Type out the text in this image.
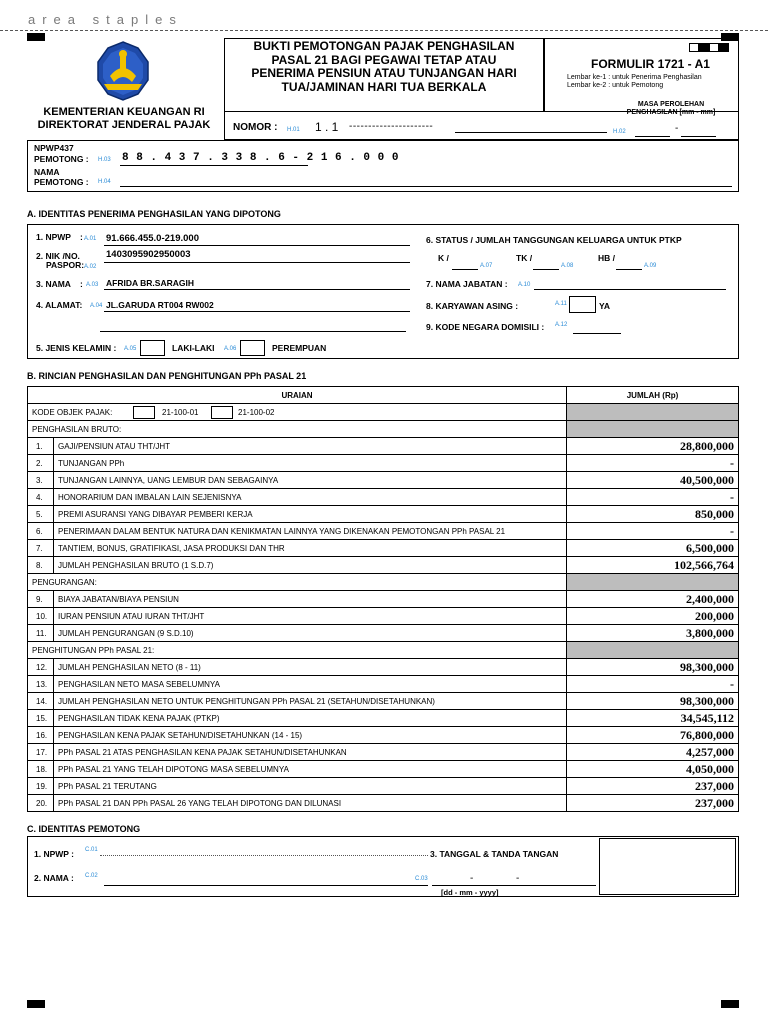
area staples
KEMENTERIAN KEUANGAN RI
DIREKTORAT JENDERAL PAJAK
BUKTI PEMOTONGAN PAJAK PENGHASILAN
PASAL 21 BAGI PEGAWAI TETAP ATAU
PENERIMA PENSIUN ATAU TUNJANGAN HARI
TUA/JAMINAN HARI TUA BERKALA
NOMOR : H.01 1 . 1 ----------------------	H.02	-
FORMULIR 1721 - A1
Lembar ke-1 : untuk Penerima Penghasilan
Lembar ke-2 : untuk Pemotong
MASA PEROLEHAN
PENGHASILAN [mm - mm]
NPWP437
PEMOTONG : H.03 8 8 . 4 3 7 . 3 3 8 . 6 - 2 1 6 . 0 0 0
NAMA
PEMOTONG : H.04
A. IDENTITAS PENERIMA PENGHASILAN YANG DIPOTONG
1. NPWP : A.01 91.666.455.0-219.000
2. NIK /NO.
PASPOR: A.02
1403095902950003
3. NAMA : A.03 AFRIDA BR.SARAGIH
4. ALAMAT: A.04 JL.GARUDA RT004 RW002
5. JENIS KELAMIN : A.05	LAKI-LAKI A.06	PEREMPUAN
6. STATUS / JUMLAH TANGGUNGAN KELUARGA UNTUK PTKP
K /
A.07
TK /
A.08
HB /
A.09
7. NAMA JABATAN : A.10
8. KARYAWAN ASING :	A.11	YA
9. KODE NEGARA DOMISILI : A.12
B. RINCIAN PENGHASILAN DAN PENGHITUNGAN PPh PASAL 21
URAIAN		JUMLAH (Rp)
KODE OBJEK PAJAK: 21-100-01 21-100-02		

PENGHASILAN BRUTO:		
1.	GAJI/PENSIUN ATAU THT/JHT	28,800,000
2.	TUNJANGAN PPh	-
3.	TUNJANGAN LAINNYA, UANG LEMBUR DAN SEBAGAINYA	40,500,000
4.	HONORARIUM DAN IMBALAN LAIN SEJENISNYA	-
5.	PREMI ASURANSI YANG DIBAYAR PEMBERI KERJA	850,000
6.	PENERIMAAN DALAM BENTUK NATURA DAN KENIKMATAN LAINNYA YANG DIKENAKAN PEMOTONGAN PPh PASAL 21	-
7.	TANTIEM, BONUS, GRATIFIKASI, JASA PRODUKSI DAN THR	6,500,000
8.	JUMLAH PENGHASILAN BRUTO (1 S.D.7)	102,566,764
PENGURANGAN:		
9.	BIAYA JABATAN/BIAYA PENSIUN	2,400,000
10.	IURAN PENSIUN ATAU IURAN THT/JHT	200,000
11.	JUMLAH PENGURANGAN (9 S.D.10)	3,800,000
PENGHITUNGAN PPh PASAL 21:		
12.	JUMLAH PENGHASILAN NETO (8 - 11)	98,300,000
13.	PENGHASILAN NETO MASA SEBELUMNYA	-
14.	JUMLAH PENGHASILAN NETO UNTUK PENGHITUNGAN PPh PASAL 21 (SETAHUN/DISETAHUNKAN)	98,300,000
15.	PENGHASILAN TIDAK KENA PAJAK (PTKP)	34,545,112
16.	PENGHASILAN KENA PAJAK SETAHUN/DISETAHUNKAN (14 - 15)	76,800,000
17.	PPh PASAL 21 ATAS PENGHASILAN KENA PAJAK SETAHUN/DISETAHUNKAN	4,257,000
18.	PPh PASAL 21 YANG TELAH DIPOTONG MASA SEBELUMNYA	4,050,000
19.	PPh PASAL 21 TERUTANG	237,000
20.	PPh PASAL 21 DAN PPh PASAL 26 YANG TELAH DIPOTONG DAN DILUNASI	237,000
C. IDENTITAS PEMOTONG
1. NPWP : C.01
2. NAMA : C.02
3. TANGGAL & TANDA TANGAN
C.03	-	-
[dd - mm - yyyy]
